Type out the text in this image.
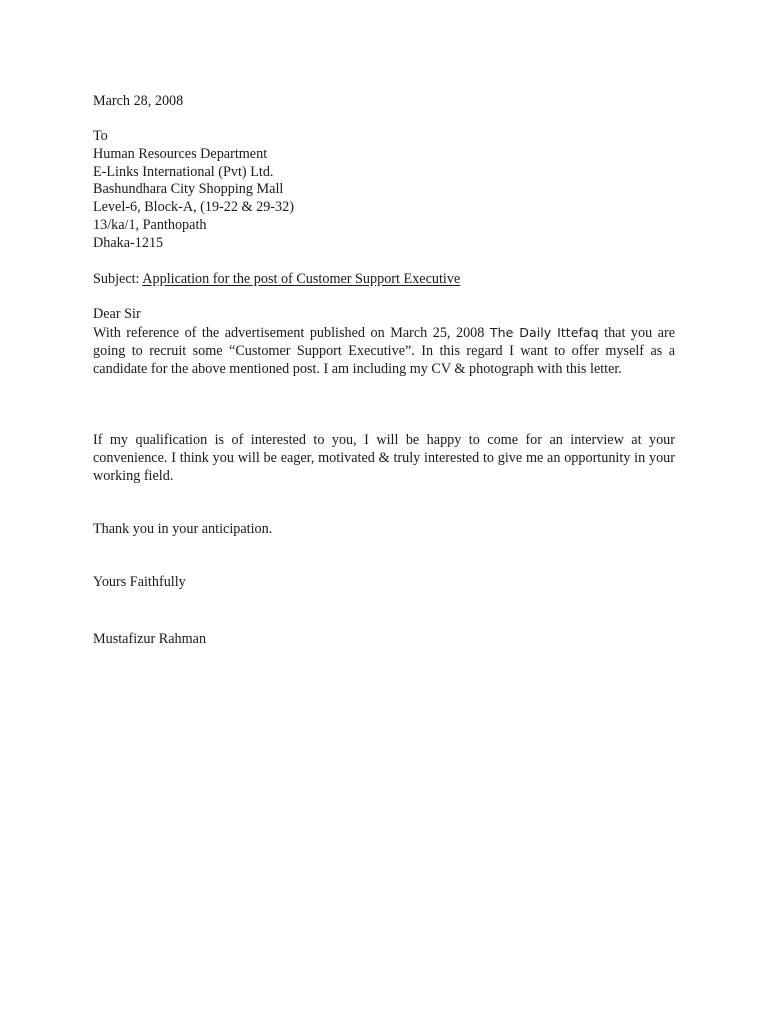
March 28, 2008
To
Human Resources Department
E-Links International (Pvt) Ltd.
Bashundhara City Shopping Mall
Level-6, Block-A, (19-22 & 29-32)
13/ka/1, Panthopath
Dhaka-1215
Subject: Application for the post of Customer Support Executive
Dear Sir

With reference of the advertisement published on March 25, 2008 The Daily Ittefaq that you are going to recruit some “Customer Support Executive”. In this regard I want to offer myself as a candidate for the above mentioned post. I am including my CV & photograph with this letter.

If my qualification is of interested to you, I will be happy to come for an interview at your convenience. I think you will be eager, motivated & truly interested to give me an opportunity in your working field.

Thank you in your anticipation.
Yours Faithfully
Mustafizur Rahman
